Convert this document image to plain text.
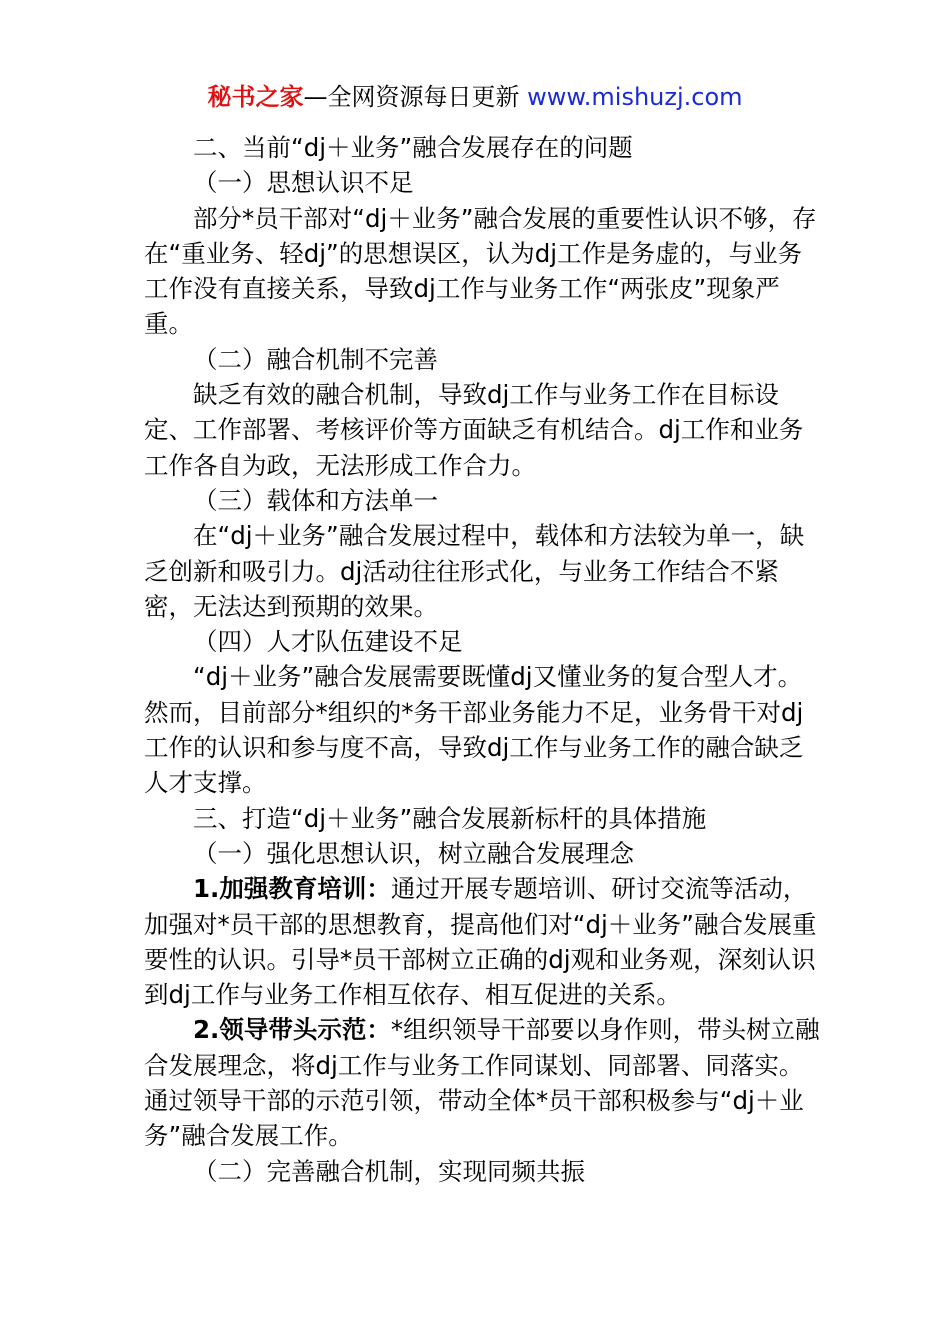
秘书之家—全网资源每日更新 www.mishuzj.com

二、当前“dj＋业务”融合发展存在的问题

（一）思想认识不足

部分*员干部对“dj＋业务”融合发展的重要性认识不够，存在“重业务、轻dj”的思想误区，认为dj工作是务虚的，与业务工作没有直接关系，导致dj工作与业务工作“两张皮”现象严重。

（二）融合机制不完善

缺乏有效的融合机制，导致dj工作与业务工作在目标设定、工作部署、考核评价等方面缺乏有机结合。dj工作和业务工作各自为政，无法形成工作合力。

（三）载体和方法单一

在“dj＋业务”融合发展过程中，载体和方法较为单一，缺乏创新和吸引力。dj活动往往形式化，与业务工作结合不紧密，无法达到预期的效果。

（四）人才队伍建设不足

“dj＋业务”融合发展需要既懂dj又懂业务的复合型人才。然而，目前部分*组织的*务干部业务能力不足，业务骨干对dj工作的认识和参与度不高，导致dj工作与业务工作的融合缺乏人才支撑。

三、打造“dj＋业务”融合发展新标杆的具体措施

（一）强化思想认识，树立融合发展理念

1.加强教育培训：通过开展专题培训、研讨交流等活动，加强对*员干部的思想教育，提高他们对“dj＋业务”融合发展重要性的认识。引导*员干部树立正确的dj观和业务观，深刻认识到dj工作与业务工作相互依存、相互促进的关系。

2.领导带头示范：*组织领导干部要以身作则，带头树立融合发展理念，将dj工作与业务工作同谋划、同部署、同落实。通过领导干部的示范引领，带动全体*员干部积极参与“dj＋业务”融合发展工作。

（二）完善融合机制，实现同频共振
